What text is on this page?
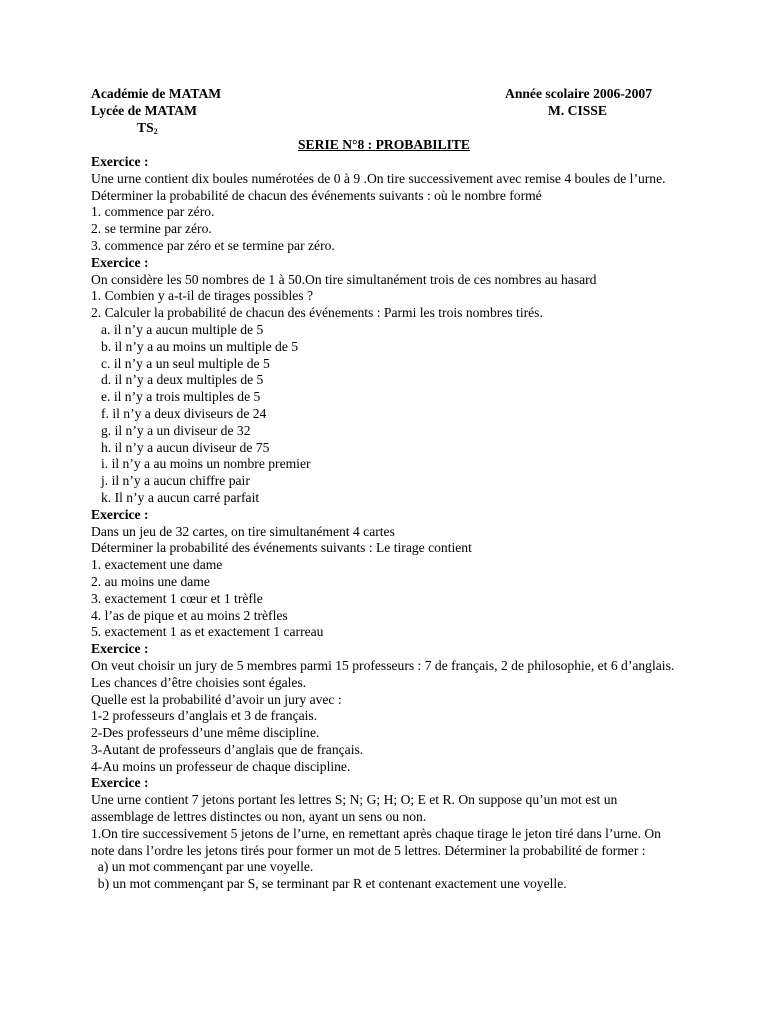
Académie de MATAM	Année scolaire 2006-2007
Lycée de MATAM	M. CISSE
$TS_2$
SERIE N°8 : PROBABILITE
Exercice :
Une urne contient dix boules numérotées de 0 à 9 .On tire successivement avec remise 4 boules de l’urne.
Déterminer la probabilité de chacun des événements suivants : où le nombre formé
1. commence par zéro.
2. se termine par zéro.
3. commence par zéro et se termine par zéro.
Exercice :
On considère les 50 nombres de 1 à 50.On tire simultanément trois de ces nombres au hasard
1. Combien y a-t-il de tirages possibles ?
2. Calculer la probabilité de chacun des événements : Parmi les trois nombres tirés.
a. il n’y a aucun multiple de 5
b. il n’y a au moins un multiple de 5
c. il n’y a un seul multiple de 5
d. il n’y a deux multiples de 5
e. il n’y a trois multiples de 5
f. il n’y a deux diviseurs de 24
g. il n’y a un diviseur de 32
h. il n’y a aucun diviseur de 75
i. il n’y a au moins un nombre premier
j. il n’y a aucun chiffre pair
k. Il n’y a aucun carré parfait
Exercice :
Dans un jeu de 32 cartes, on tire simultanément 4 cartes
Déterminer la probabilité des événements suivants : Le tirage contient
1. exactement une dame
2. au moins une dame
3. exactement 1 cœur et 1 trèfle
4. l’as de pique et au moins 2 trèfles
5. exactement 1 as et exactement 1 carreau
Exercice :
On veut choisir un jury de 5 membres parmi 15 professeurs : 7 de français, 2 de philosophie, et 6 d’anglais. Les chances d’être choisies sont égales.
Quelle est la probabilité d’avoir un jury avec :
1-2 professeurs d’anglais et 3 de français.
2-Des professeurs d’une même discipline.
3-Autant de professeurs d’anglais que de français.
4-Au moins un professeur de chaque discipline.
Exercice :
Une urne contient 7 jetons portant les lettres S; N; G; H; O; E et R. On suppose qu’un mot est un assemblage de lettres distinctes ou non, ayant un sens ou non.
1.On tire successivement 5 jetons de l’urne, en remettant après chaque tirage le jeton tiré dans l’urne. On note dans l’ordre les jetons tirés pour former un mot de 5 lettres. Déterminer la probabilité de former :
a) un mot commençant par une voyelle.
b) un mot commençant par S, se terminant par R et contenant exactement une voyelle.
